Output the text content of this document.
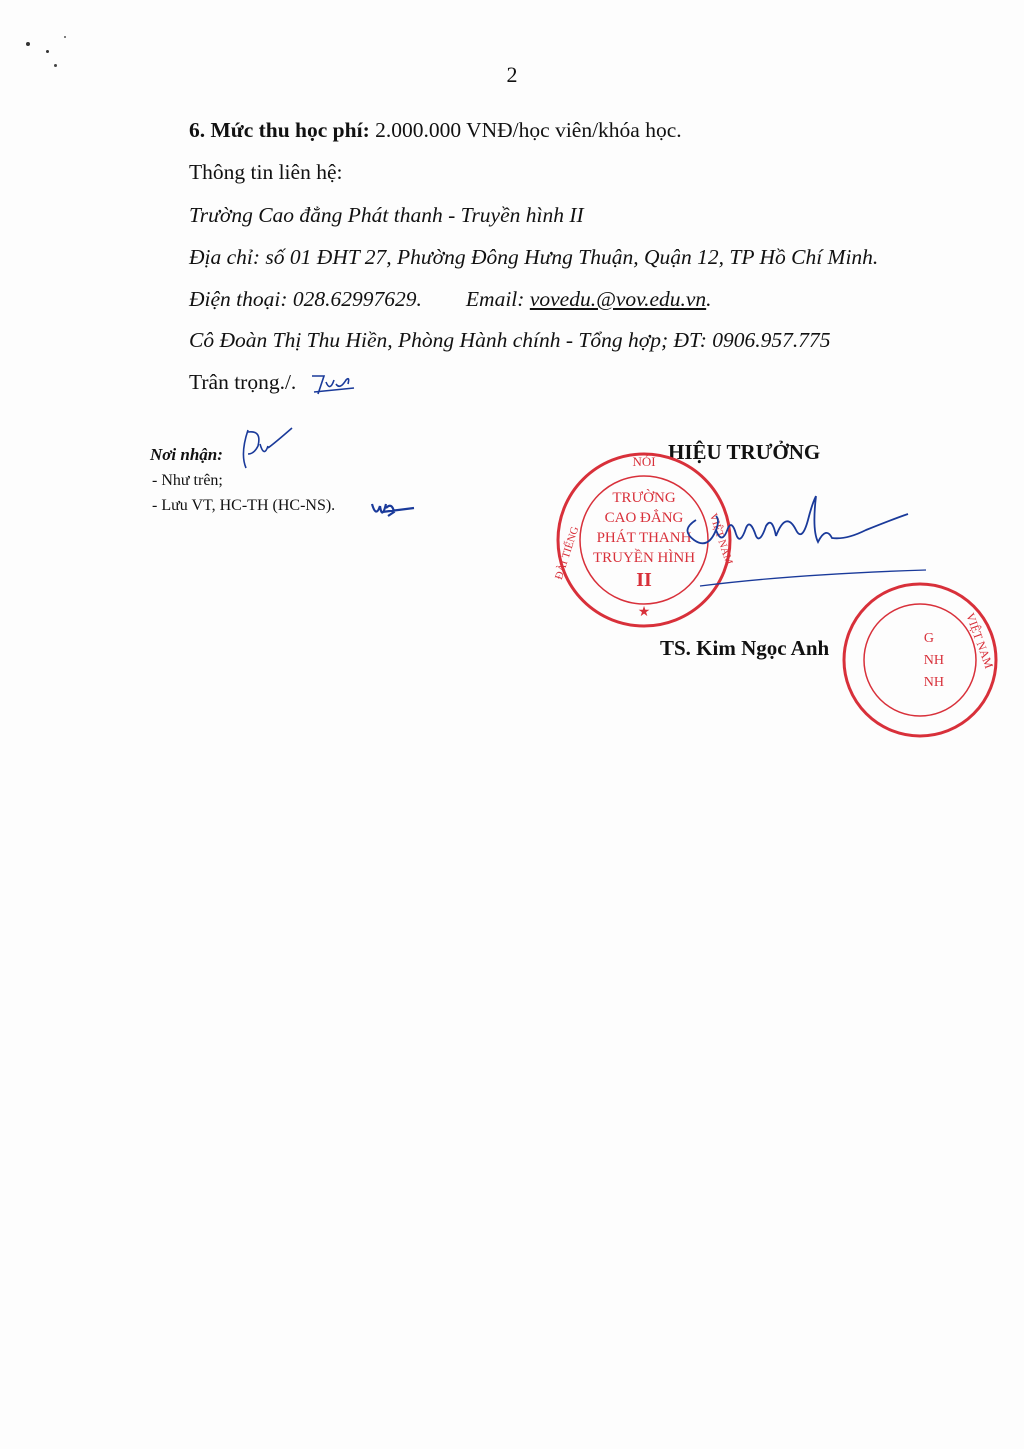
2
6. Mức thu học phí: 2.000.000 VNĐ/học viên/khóa học.
Thông tin liên hệ:
Trường Cao đẳng Phát thanh - Truyền hình II
Địa chỉ: số 01 ĐHT 27, Phường Đông Hưng Thuận, Quận 12, TP Hồ Chí Minh.
Điện thoại: 028.62997629. Email: vovedu.@vov.edu.vn.
Cô Đoàn Thị Thu Hiền, Phòng Hành chính - Tổng hợp; ĐT: 0906.957.775
Trân trọng./.
Nơi nhận:
- Như trên;
- Lưu VT, HC-TH (HC-NS).
HIỆU TRƯỞNG
NÓI
ĐÀI TIẾNG	VIỆT NAM
TRƯỜNG
CAO ĐẲNG
PHÁT THANH
TRUYỀN HÌNH
II
★
TS. Kim Ngọc Anh	VIỆT NAM
G
NH
NH
